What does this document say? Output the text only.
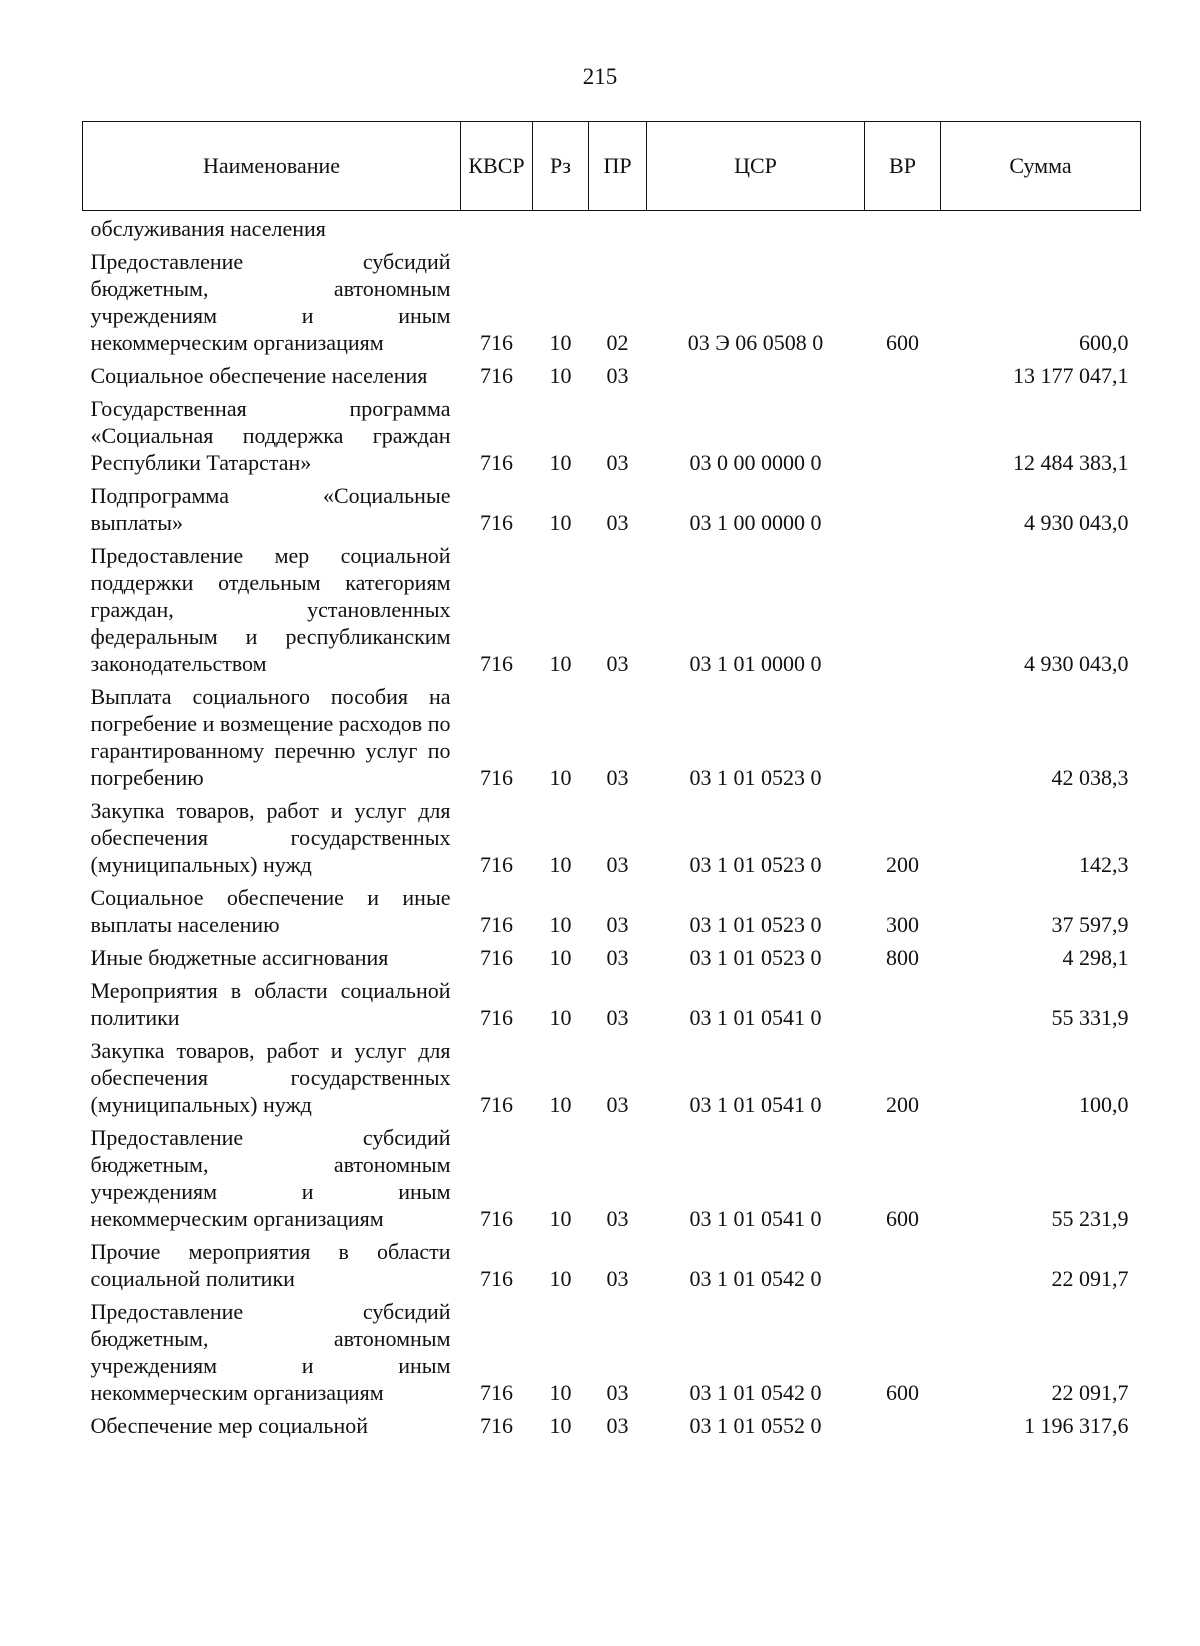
215
Наименование	КВСР	Рз	ПР	ЦСР	ВР	Сумма
обслуживания населения						
Предоставление субсидий бюджетным, автономным учреждениям и иным некоммерческим организациям	716	10	02	03 Э 06 0508 0	600	600,0
Социальное обеспечение населения	716	10	03			13 177 047,1
Государственная программа «Социальная поддержка граждан Республики Татарстан»	716	10	03	03 0 00 0000 0		12 484 383,1
Подпрограмма «Социальные выплаты»	716	10	03	03 1 00 0000 0		4 930 043,0
Предоставление мер социальной поддержки отдельным категориям граждан, установленных федеральным и республиканским законодательством	716	10	03	03 1 01 0000 0		4 930 043,0
Выплата социального пособия на погребение и возмещение расходов по гарантированному перечню услуг по погребению	716	10	03	03 1 01 0523 0		42 038,3
Закупка товаров, работ и услуг для обеспечения государственных (муниципальных) нужд	716	10	03	03 1 01 0523 0	200	142,3
Социальное обеспечение и иные выплаты населению	716	10	03	03 1 01 0523 0	300	37 597,9
Иные бюджетные ассигнования	716	10	03	03 1 01 0523 0	800	4 298,1
Мероприятия в области социальной политики	716	10	03	03 1 01 0541 0		55 331,9
Закупка товаров, работ и услуг для обеспечения государственных (муниципальных) нужд	716	10	03	03 1 01 0541 0	200	100,0
Предоставление субсидий бюджетным, автономным учреждениям и иным некоммерческим организациям	716	10	03	03 1 01 0541 0	600	55 231,9
Прочие мероприятия в области социальной политики	716	10	03	03 1 01 0542 0		22 091,7
Предоставление субсидий бюджетным, автономным учреждениям и иным некоммерческим организациям	716	10	03	03 1 01 0542 0	600	22 091,7
Обеспечение мер социальной	716	10	03	03 1 01 0552 0		1 196 317,6
